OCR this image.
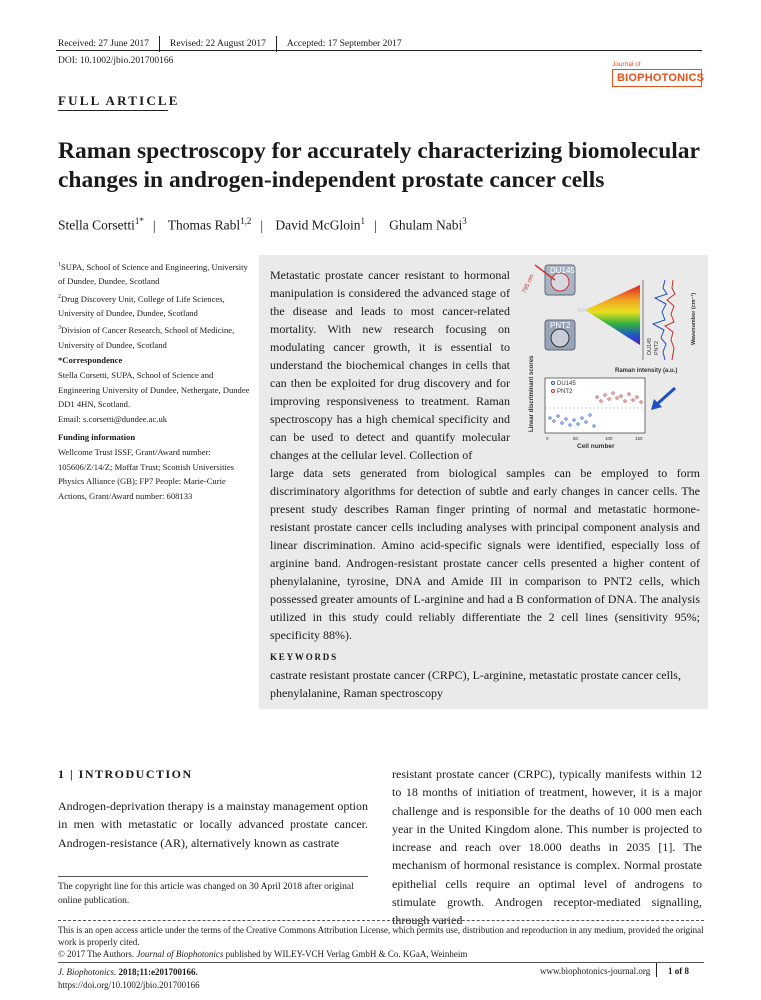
Received: 27 June 2017	Revised: 22 August 2017	Accepted: 17 September 2017
DOI: 10.1002/jbio.201700166	Journal of
BIOPHOTONICS
FULL ARTICLE
Raman spectroscopy for accurately characterizing biomolecular changes in androgen-independent prostate cancer cells
Stella Corsetti$^{1*}$ | Thomas Rabl$^{1,2}$ | David McGloin$^1$ | Ghulam Nabi$^3$

$^1$SUPA, School of Science and Engineering, University of Dundee, Dundee, Scotland

$^2$Drug Discovery Unit, College of Life Sciences, University of Dundee, Dundee, Scotland

$^3$Division of Cancer Research, School of Medicine, University of Dundee, Scotland

*Correspondence

Stella Corsetti, SUPA, School of Science and Engineering University of Dundee, Nethergate, Dundee DD1 4HN, Scotland.
Email: s.corsetti@dundee.ac.uk

Funding information

Wellcome Trust ISSF, Grant/Award number: 105606/Z/14/Z; Moffat Trust; Scottish Universities Physics Alliance (GB); FP7 People: Marie-Curie Actions, Grant/Award number: 608133

Metastatic prostate cancer resistant to hormonal manipulation is considered the advanced stage of the disease and leads to most cancer-related mortality. With new research focusing on modulating cancer growth, it is essential to understand the biochemical changes in cells that can then be exploited for drug discovery and for improving responsiveness to treatment. Raman spectroscopy has a high chemical specificity and can be used to detect and quantify molecular changes at the cellular level. Collection of
large data sets generated from biological samples can be employed to form discriminatory algorithms for detection of subtle and early changes in cancer cells. The present study describes Raman finger printing of normal and metastatic hormone-resistant prostate cancer cells including analyses with principal component analysis and linear discrimination. Amino acid-specific signals were identified, especially loss of arginine band. Androgen-resistant prostate cancer cells presented a higher content of phenylalanine, tyrosine, DNA and Amide III in comparison to PNT2 cells, which possessed greater amounts of L-arginine and had a B conformation of DNA. The analysis utilized in this study could reliably differentiate the 2 cell lines (sensitivity 95%; specificity 88%).
DU145
785 nm
PNT2
DU145 PNT2
Wavenumber (cm⁻¹)
Raman intensity (a.u.)
DU145
PNT2
Linear discriminant scores
0	50	100	150
Cell number
KEYWORDS
castrate resistant prostate cancer (CRPC), L-arginine, metastatic prostate cancer cells, phenylalanine, Raman spectroscopy
1 | INTRODUCTION
Androgen-deprivation therapy is a mainstay management option in men with metastatic or locally advanced prostate cancer. Androgen-resistance (AR), alternatively known as castrate
The copyright line for this article was changed on 30 April 2018 after original online publication.
resistant prostate cancer (CRPC), typically manifests within 12 to 18 months of initiation of treatment, however, it is a major challenge and is responsible for the deaths of 10 000 men each year in the United Kingdom alone. This number is projected to increase and reach over 18.000 deaths in 2035 [1]. The mechanism of hormonal resistance is complex. Normal prostate epithelial cells require an optimal level of androgens to stimulate growth. Androgen receptor-mediated signalling, through varied
This is an open access article under the terms of the Creative Commons Attribution License, which permits use, distribution and reproduction in any medium, provided the original work is properly cited.
© 2017 The Authors. Journal of Biophotonics published by WILEY-VCH Verlag GmbH & Co. KGaA, Weinheim
J. Biophotonics. 2018;11:e201700166.
https://doi.org/10.1002/jbio.201700166
www.biophotonics-journal.org 1 of 8
